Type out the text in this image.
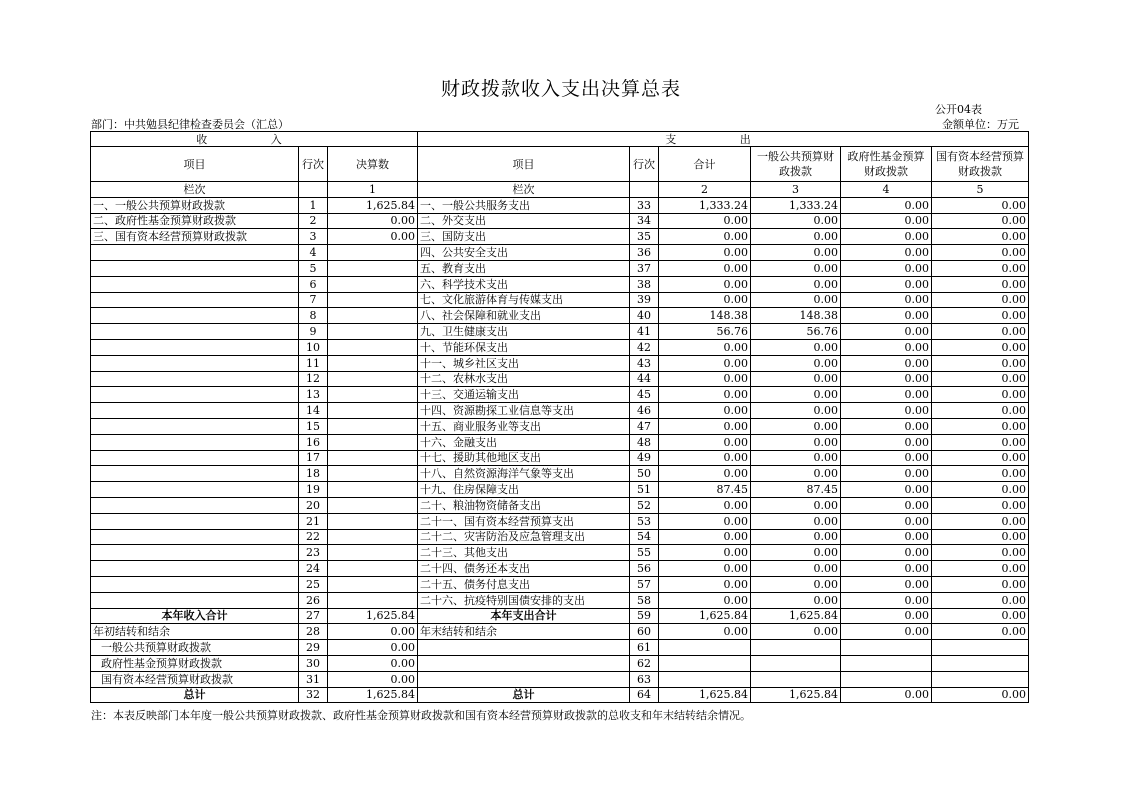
财政拨款收入支出决算总表
公开04表
部门：中共勉县纪律检查委员会（汇总）	金额单位：万元
收 入			支 出					
项目	行次	决算数	项目	行次	合计	一般公共预算财政拨款	政府性基金预算财政拨款	国有资本经营预算财政拨款
栏次		1	栏次		2	3	4	5
一、一般公共预算财政拨款	1	1,625.84	一、一般公共服务支出	33	1,333.24	1,333.24	0.00	0.00
二、政府性基金预算财政拨款	2	0.00	二、外交支出	34	0.00	0.00	0.00	0.00
三、国有资本经营预算财政拨款	3	0.00	三、国防支出	35	0.00	0.00	0.00	0.00
	4		四、公共安全支出	36	0.00	0.00	0.00	0.00
	5		五、教育支出	37	0.00	0.00	0.00	0.00
	6		六、科学技术支出	38	0.00	0.00	0.00	0.00
	7		七、文化旅游体育与传媒支出	39	0.00	0.00	0.00	0.00
	8		八、社会保障和就业支出	40	148.38	148.38	0.00	0.00
	9		九、卫生健康支出	41	56.76	56.76	0.00	0.00
	10		十、节能环保支出	42	0.00	0.00	0.00	0.00
	11		十一、城乡社区支出	43	0.00	0.00	0.00	0.00
	12		十二、农林水支出	44	0.00	0.00	0.00	0.00
	13		十三、交通运输支出	45	0.00	0.00	0.00	0.00
	14		十四、资源勘探工业信息等支出	46	0.00	0.00	0.00	0.00
	15		十五、商业服务业等支出	47	0.00	0.00	0.00	0.00
	16		十六、金融支出	48	0.00	0.00	0.00	0.00
	17		十七、援助其他地区支出	49	0.00	0.00	0.00	0.00
	18		十八、自然资源海洋气象等支出	50	0.00	0.00	0.00	0.00
	19		十九、住房保障支出	51	87.45	87.45	0.00	0.00
	20		二十、粮油物资储备支出	52	0.00	0.00	0.00	0.00
	21		二十一、国有资本经营预算支出	53	0.00	0.00	0.00	0.00
	22		二十二、灾害防治及应急管理支出	54	0.00	0.00	0.00	0.00
	23		二十三、其他支出	55	0.00	0.00	0.00	0.00
	24		二十四、债务还本支出	56	0.00	0.00	0.00	0.00
	25		二十五、债务付息支出	57	0.00	0.00	0.00	0.00
	26		二十六、抗疫特别国债安排的支出	58	0.00	0.00	0.00	0.00
本年收入合计	27	1,625.84	本年支出合计	59	1,625.84	1,625.84	0.00	0.00
年初结转和结余	28	0.00	年末结转和结余	60	0.00	0.00	0.00	0.00
一般公共预算财政拨款	29	0.00		61				
政府性基金预算财政拨款	30	0.00		62				
国有资本经营预算财政拨款	31	0.00		63				
总计	32	1,625.84	总计	64	1,625.84	1,625.84	0.00	0.00
注：本表反映部门本年度一般公共预算财政拨款、政府性基金预算财政拨款和国有资本经营预算财政拨款的总收支和年末结转结余情况。
